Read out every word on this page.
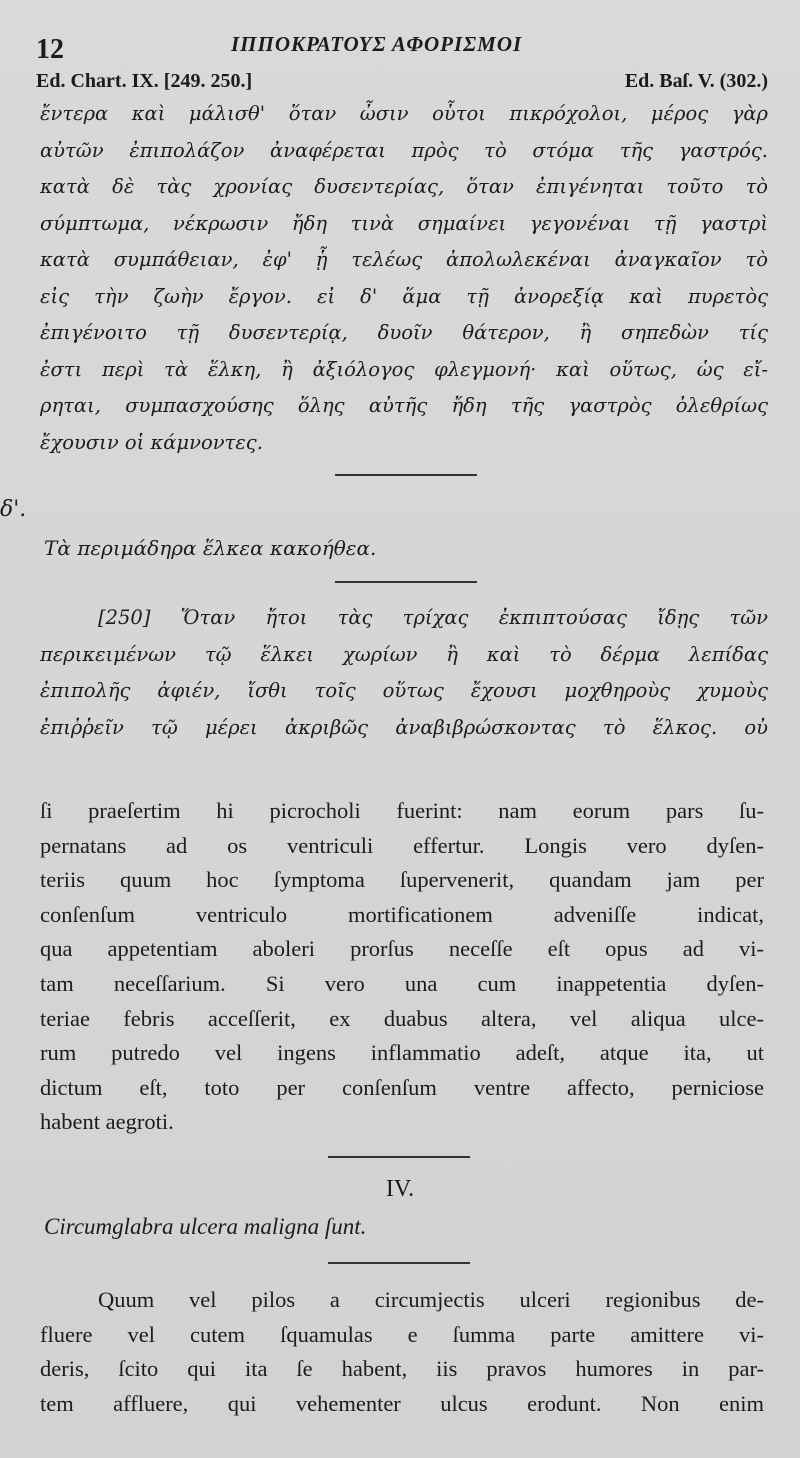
12	ΙΠΠΟΚΡΑΤΟΥΣ ΑΦΟΡΙΣΜΟΙ
Ed. Chart. IX. [249. 250.]	Ed. Baſ. V. (302.)
ἔντερα καὶ μάλισθ' ὅταν ὦσιν οὗτοι πικρόχολοι, μέρος γὰρ
αὐτῶν ἐπιπολάζον ἀναφέρεται πρὸς τὸ στόμα τῆς γαστρός.
κατὰ δὲ τὰς χρονίας δυσεντερίας, ὅταν ἐπιγένηται τοῦτο τὸ
σύμπτωμα, νέκρωσιν ἤδη τινὰ σημαίνει γεγονέναι τῇ γαστρὶ
κατὰ συμπάθειαν, ἐφ' ᾗ τελέως ἀπολωλεκέναι ἀναγκαῖον τὸ
εἰς τὴν ζωὴν ἔργον. εἰ δ' ἅμα τῇ ἀνορεξίᾳ καὶ πυρετὸς
ἐπιγένοιτο τῇ δυσεντερίᾳ, δυοῖν θάτερον, ἢ σηπεδὼν τίς
ἐστι περὶ τὰ ἕλκη, ἢ ἀξιόλογος φλεγμονή· καὶ οὕτως, ὡς εἴ-
ρηται, συμπασχούσης ὅλης αὐτῆς ἤδη τῆς γαστρὸς ὀλεθρίως
ἔχουσιν οἱ κάμνοντες.
δ'.
Τὰ περιμάδηρα ἕλκεα κακοήθεα.
[250] Ὅταν ἤτοι τὰς τρίχας ἐκπιπτούσας ἴδῃς τῶν
περικειμένων τῷ ἕλκει χωρίων ἢ καὶ τὸ δέρμα λεπίδας
ἐπιπολῆς ἀφιέν, ἴσθι τοῖς οὕτως ἔχουσι μοχθηροὺς χυμοὺς
ἐπιῤῥεῖν τῷ μέρει ἀκριβῶς ἀναβιβρώσκοντας τὸ ἕλκος. οὐ
ſi praeſertim hi picrocholi fuerint: nam eorum pars ſu-
pernatans ad os ventriculi effertur. Longis vero dyſen-
teriis quum hoc ſymptoma ſupervenerit, quandam jam per
conſenſum ventriculo mortificationem adveniſſe indicat,
qua appetentiam aboleri prorſus neceſſe eſt opus ad vi-
tam neceſſarium. Si vero una cum inappetentia dyſen-
teriae febris acceſſerit, ex duabus altera, vel aliqua ulce-
rum putredo vel ingens inflammatio adeſt, atque ita, ut
dictum eſt, toto per conſenſum ventre affecto, perniciose
habent aegroti.
IV.
Circumglabra ulcera maligna ſunt.
Quum vel pilos a circumjectis ulceri regionibus de-
fluere vel cutem ſquamulas e ſumma parte amittere vi-
deris, ſcito qui ita ſe habent, iis pravos humores in par-
tem affluere, qui vehementer ulcus erodunt. Non enim
